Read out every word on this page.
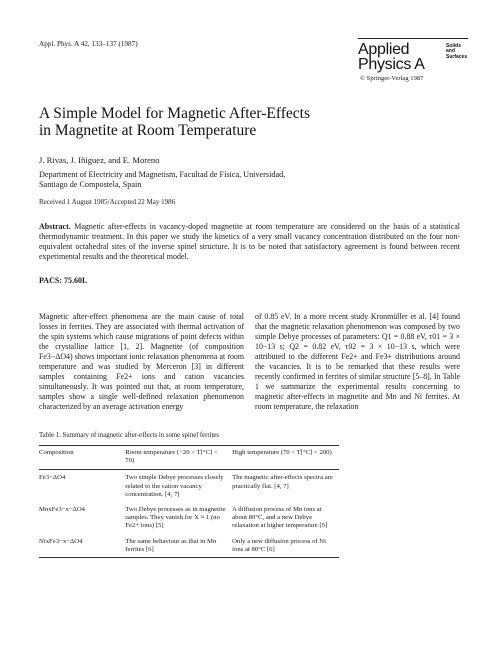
Appl. Phys. A 42, 133–137 (1987)	Applied
Physics A
Solids
and
Surfaces
© Springer-Verlag 1987
A Simple Model for Magnetic After-Effects
in Magnetite at Room Temperature
J. Rivas, J. Iñiguez, and E. Moreno
Department of Electricity and Magnetism, Facultad de Física, Universidad,
Santiago de Compostela, Spain
Received 1 August 1985/Accepted 22 May 1986
Abstract. Magnetic after-effects in vacancy-doped magnetite at room temperature are considered on the basis of a statistical thermodynamic treatment. In this paper we study the kinetics of a very small vacancy concentration distributed on the four non-equivalent octahedral sites of the inverse spinel structure. It is to be noted that satisfactory agreement is found between recent experimental results and the theoretical model.
PACS: 75.60L

Magnetic after-effect phenomena are the main cause of total losses in ferrites. They are associated with thermal activation of the spin systems which cause migrations of point defects within the crystalline lattice [1, 2]. Magnetite (of composition Fe3−ΔO4) shows important ionic relaxation phenomena at room temperature and was studied by Merceron [3] in different samples containing Fe2+ ions and cation vacancies simultaneously. It was pointed out that, at room temperature, samples show a single well-defined relaxation phenomenon characterized by an average activation energy

of 0.85 eV. In a more recent study Kronmüller et al. [4] found that the magnetic relaxation phenomenon was composed by two simple Debye processes of parameters: Q1 = 0.88 eV, τ01 = 3 × 10−13 s; Q2 = 0.82 eV, τ02 = 3 × 10−13 s, which were attributed to the different Fe2+ and Fe3+ distributions around the vacancies. It is to be remarked that these results were recently confirmed in ferrites of similar structure [5–8]. In Table 1 we summarize the experimental results concerning to magnetic after-effects in magnetite and Mn and Ni ferrites. At room temperature, the relaxation

Table 1. Summary of magnetic after-effects in some spinel ferrites
Composition	Room temperature (−20 < T[°C] < 70)	High temperature (70 < T[°C] < 200)
Fe3−ΔO4	Two simple Debye processes closely related to the cation vacancy concentration. [4, 7]	The magnetic after-effects spectra are practically flat. [4, 7]
MnxFe3−x−ΔO4	Two Debye processes as in magnetite samples. They vanish for X ≈ 1 (no Fe2+ ions) [5]	A diffusion process of Mn ions at about 80°C, and a new Debye relaxation at higher temperature [5]
NixFe3−x−ΔO4	The same behaviour as that in Mn ferrites [6]	Only a new diffusion process of Ni ions at 80°C [6]
